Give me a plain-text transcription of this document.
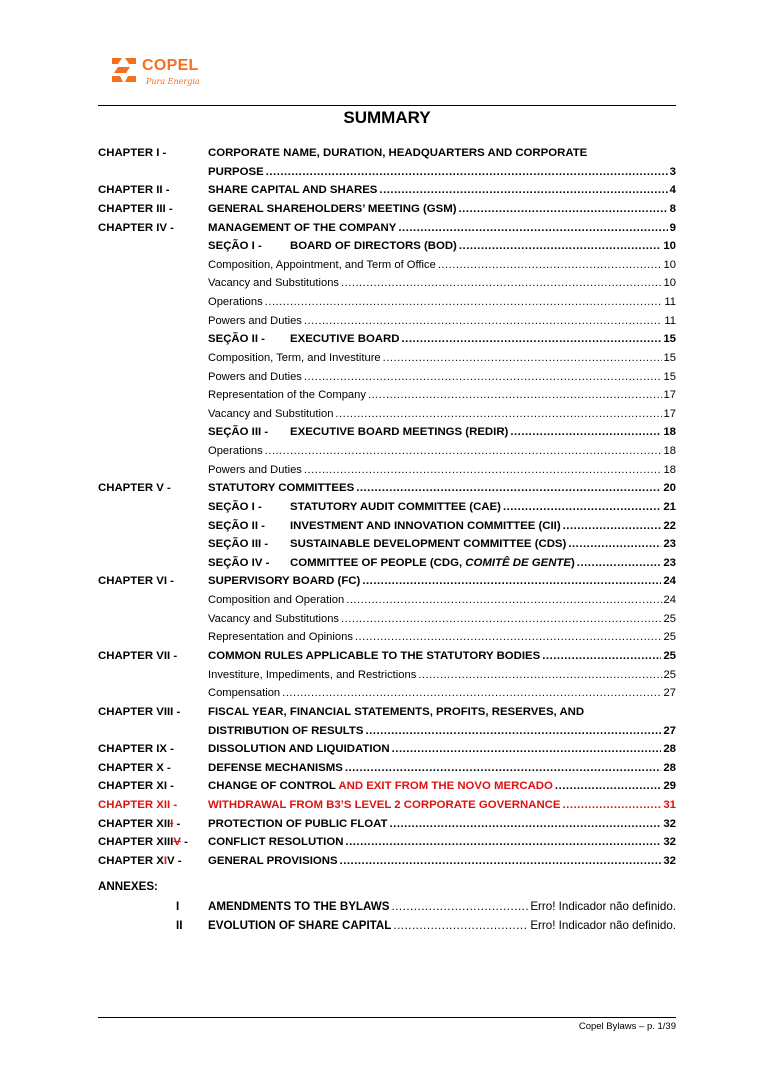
COPEL
Pura Energia
SUMMARY
CHAPTER I -	CORPORATE NAME, DURATION, HEADQUARTERS AND CORPORATE
PURPOSE .....	3
CHAPTER II -	SHARE CAPITAL AND SHARES .....	4
CHAPTER III -	GENERAL SHAREHOLDERS’ MEETING (GSM) .....	8
CHAPTER IV -	MANAGEMENT OF THE COMPANY .....	9
SEÇÃO I - BOARD OF DIRECTORS (BOD) .....	10
Composition, Appointment, and Term of Office .....	10
Vacancy and Substitutions .....	10
Operations .....	11
Powers and Duties .....	11
SEÇÃO II - EXECUTIVE BOARD .....	15
Composition, Term, and Investiture .....	15
Powers and Duties .....	15
Representation of the Company .....	17
Vacancy and Substitution .....	17
SEÇÃO III - EXECUTIVE BOARD MEETINGS (REDIR) .....	18
Operations .....	18
Powers and Duties .....	18
CHAPTER V -	STATUTORY COMMITTEES .....	20
SEÇÃO I - STATUTORY AUDIT COMMITTEE (CAE) .....	21
SEÇÃO II - INVESTMENT AND INNOVATION COMMITTEE (CII) .....	22
SEÇÃO III - SUSTAINABLE DEVELOPMENT COMMITTEE (CDS) .....	23
SEÇÃO IV - COMMITTEE OF PEOPLE (CDG, COMITÊ DE GENTE) .....	23
CHAPTER VI -	SUPERVISORY BOARD (FC) .....	24
Composition and Operation .....	24
Vacancy and Substitutions .....	25
Representation and Opinions .....	25
CHAPTER VII -	COMMON RULES APPLICABLE TO THE STATUTORY BODIES .....	25
Investiture, Impediments, and Restrictions .....	25
Compensation .....	27
CHAPTER VIII - FISCAL YEAR, FINANCIAL STATEMENTS, PROFITS, RESERVES, AND
DISTRIBUTION OF RESULTS .....	27
CHAPTER IX -	DISSOLUTION AND LIQUIDATION .....	28
CHAPTER X -	DEFENSE MECHANISMS .....	28
CHAPTER XI -	CHANGE OF CONTROL AND EXIT FROM THE NOVO MERCADO .....	29
CHAPTER XII -	WITHDRAWAL FROM B3’S LEVEL 2 CORPORATE GOVERNANCE .....	31
CHAPTER XIII - PROTECTION OF PUBLIC FLOAT .....	32
CHAPTER XIIIV - CONFLICT RESOLUTION .....	32
CHAPTER XIV - GENERAL PROVISIONS .....	32
ANNEXES:
I AMENDMENTS TO THE BYLAWS .....	Erro! Indicador não definido.
II EVOLUTION OF SHARE CAPITAL .....	Erro! Indicador não definido.
Copel Bylaws – p. 1/39
